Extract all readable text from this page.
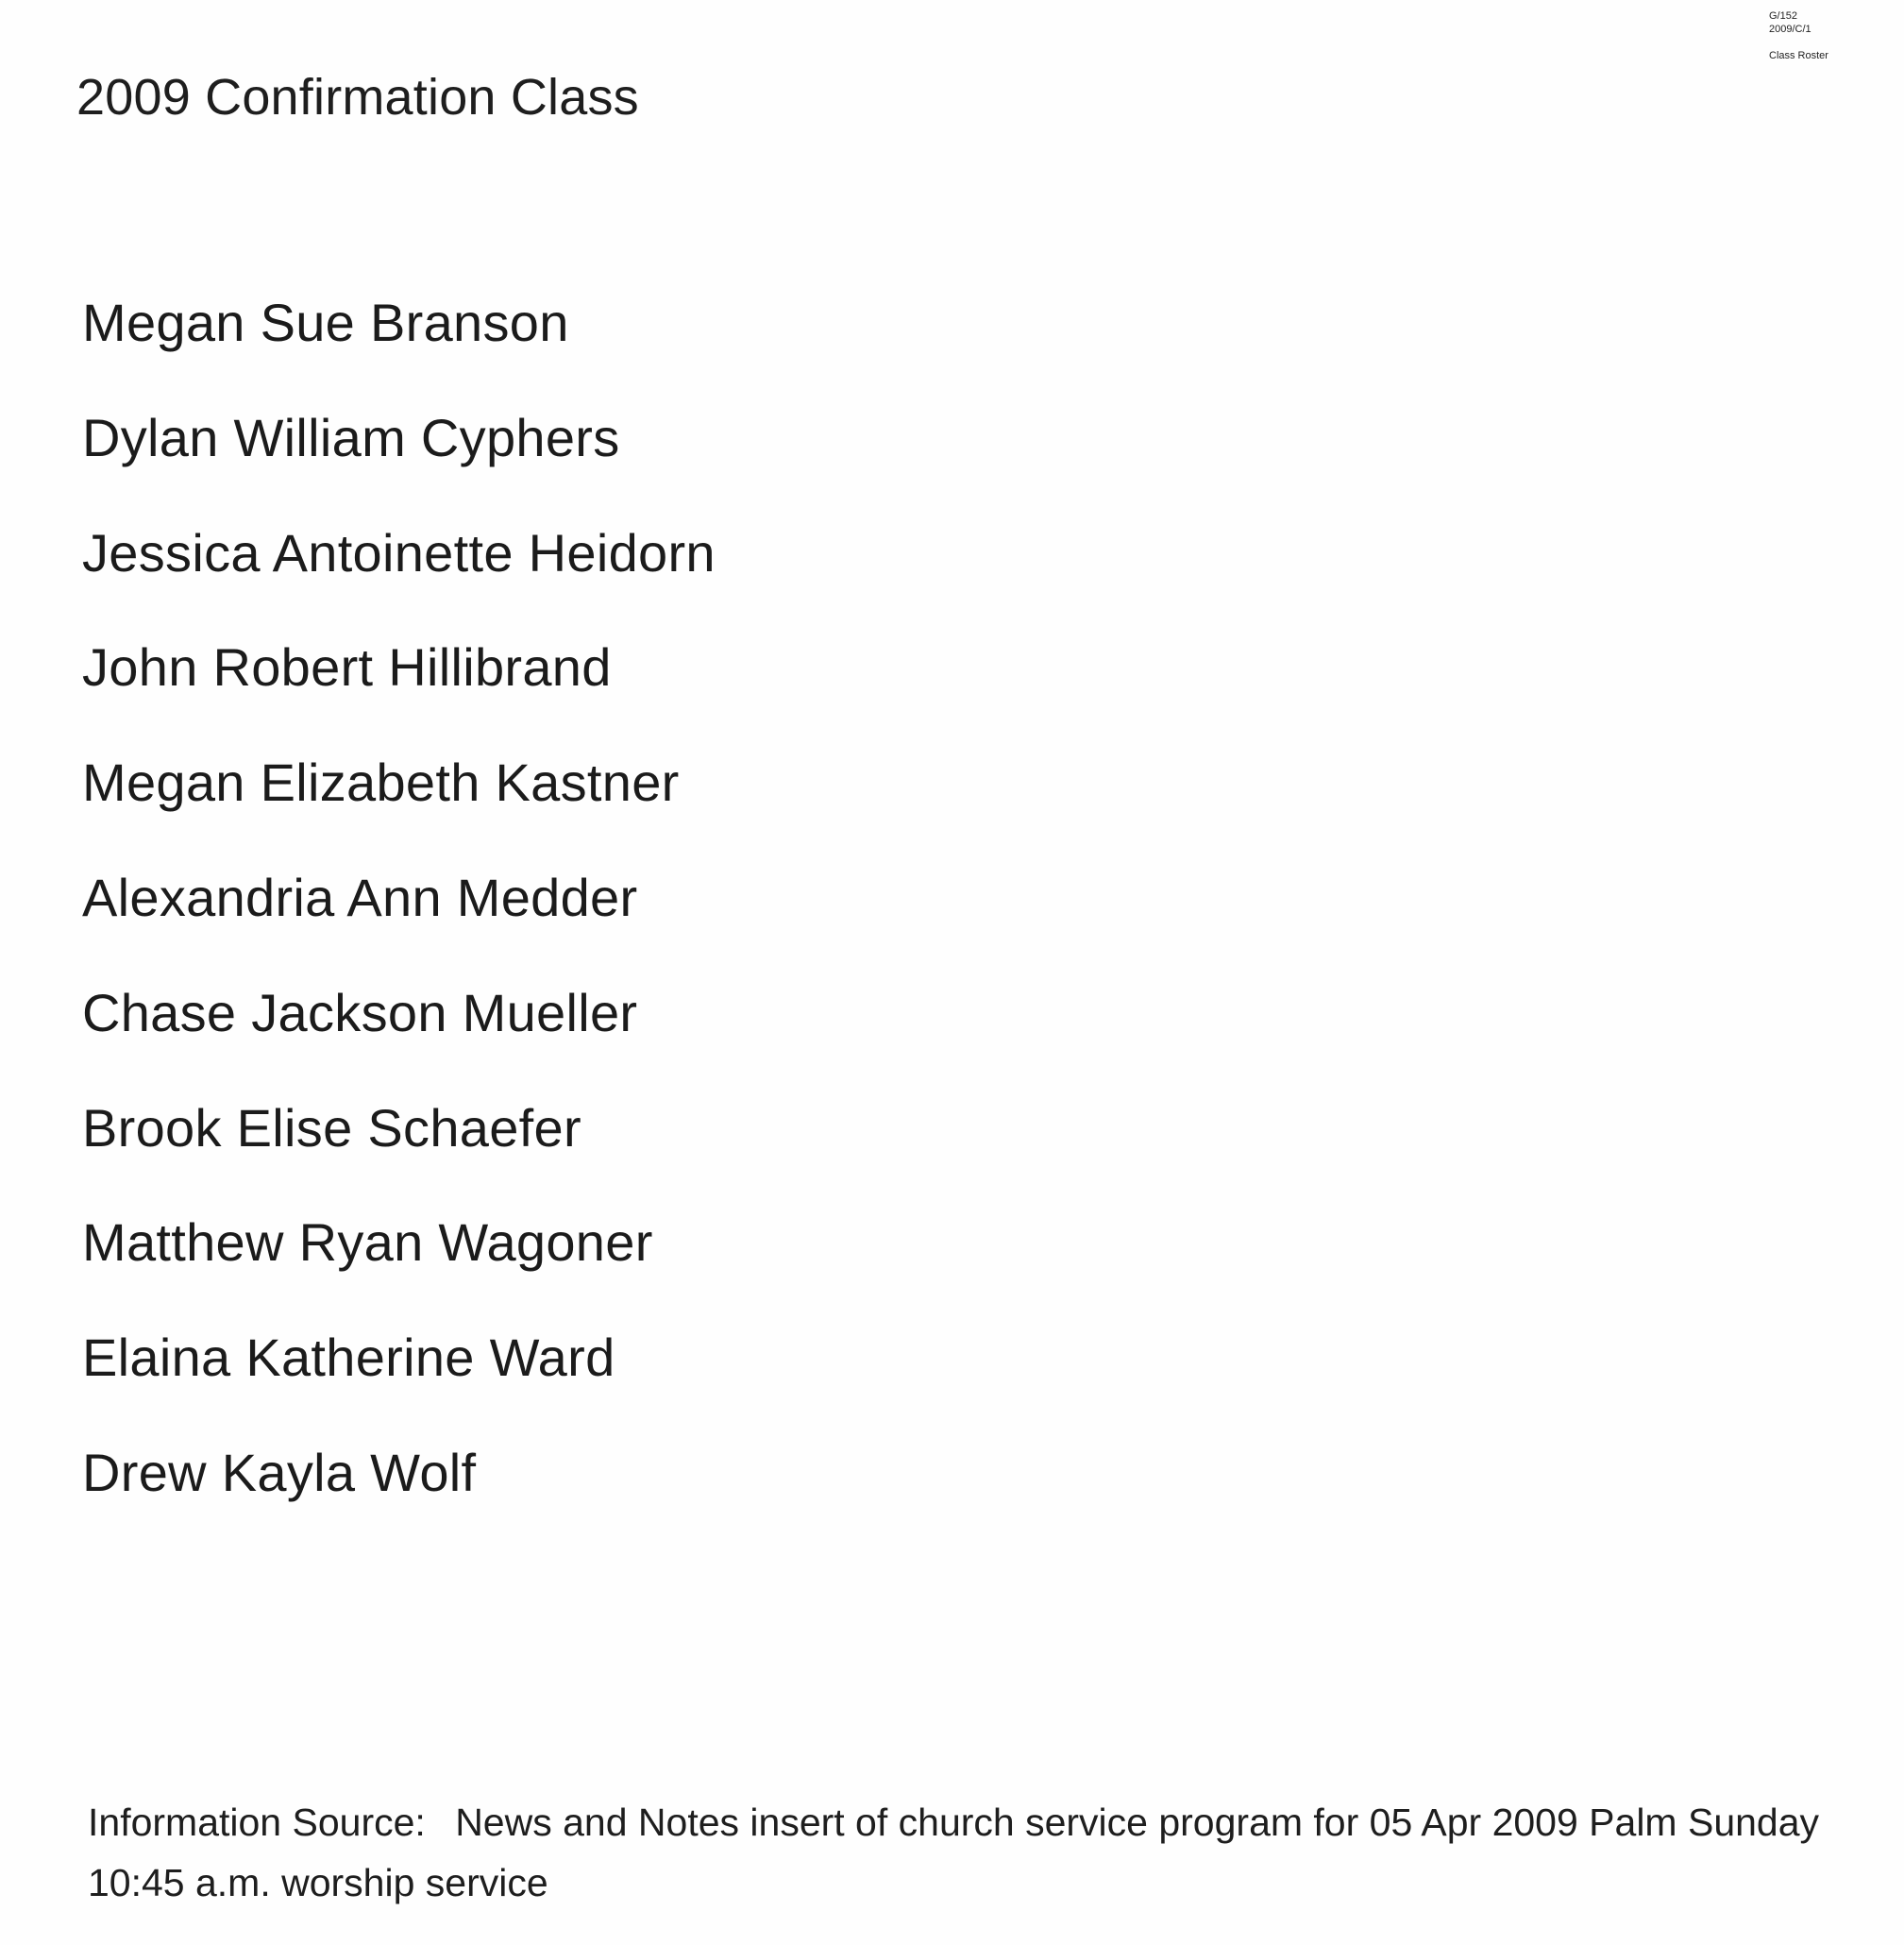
G/152
2009/C/1
Class Roster
2009 Confirmation Class
Megan Sue Branson
Dylan William Cyphers
Jessica Antoinette Heidorn
John Robert Hillibrand
Megan Elizabeth Kastner
Alexandria Ann Medder
Chase Jackson Mueller
Brook Elise Schaefer
Matthew Ryan Wagoner
Elaina Katherine Ward
Drew Kayla Wolf
Information Source: News and Notes insert of church service program for 05 Apr 2009 Palm Sunday 10:45 a.m. worship service
